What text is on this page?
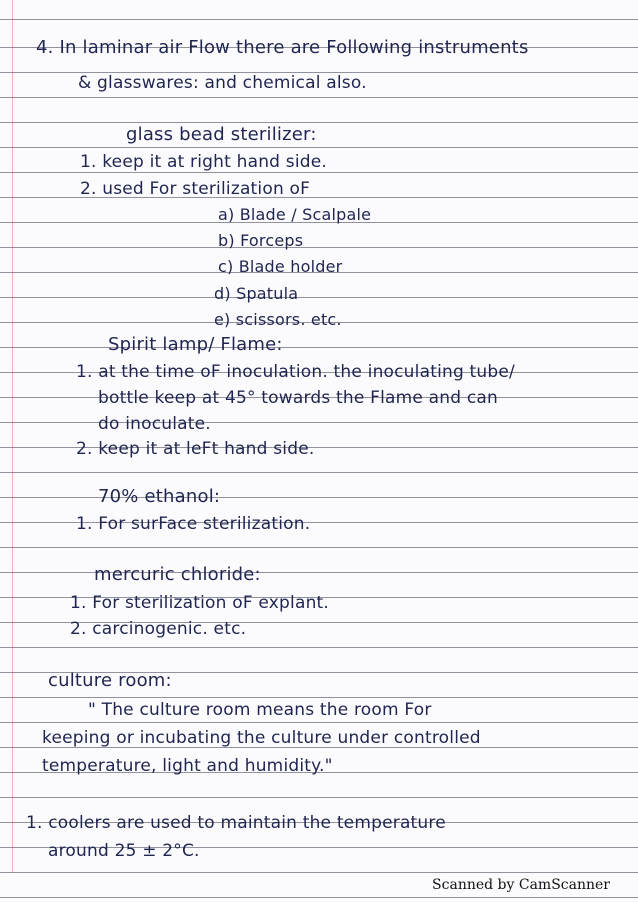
4. In laminar air Flow there are Following instruments
& glasswares: and chemical also.
glass bead sterilizer:
1. keep it at right hand side.
2. used For sterilization oF
a) Blade / Scalpale
b) Forceps
c) Blade holder
d) Spatula
e) scissors. etc.
Spirit lamp/ Flame:
1. at the time oF inoculation. the inoculating tube/
bottle keep at 45° towards the Flame and can
do inoculate.
2. keep it at leFt hand side.
70% ethanol:
1. For surFace sterilization.
mercuric chloride:
1. For sterilization oF explant.
2. carcinogenic. etc.
culture room:
" The culture room means the room For
keeping or incubating the culture under controlled
temperature, light and humidity."
1. coolers are used to maintain the temperature
around 25 ± 2°C.
Scanned by CamScanner
